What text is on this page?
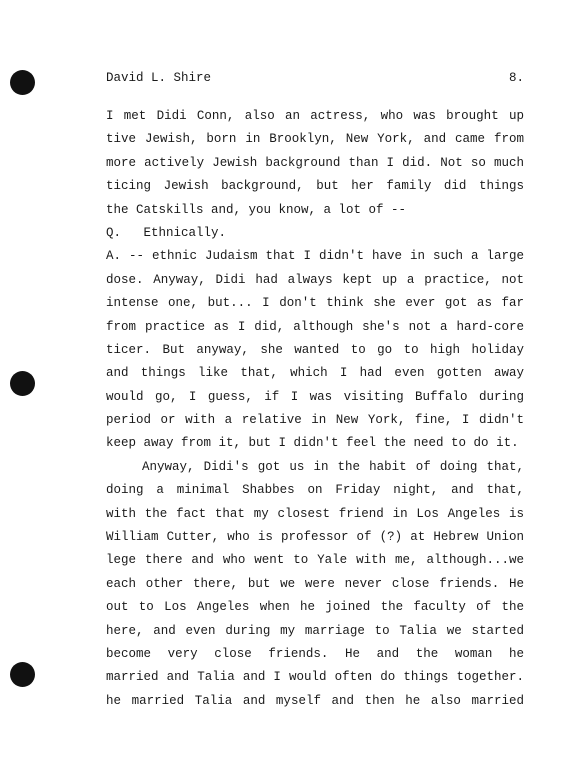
David L. Shire	8.
I met Didi Conn, also an actress, who was brought up
tive Jewish, born in Brooklyn, New York, and came from
more actively Jewish background than I did. Not so much
ticing Jewish background, but her family did things
the Catskills and, you know, a lot of --
Q.   Ethnically.
A. -- ethnic Judaism that I didn't have in such a large
dose. Anyway, Didi had always kept up a practice, not
intense one, but... I don't think she ever got as far
from practice as I did, although she's not a hard-core
ticer. But anyway, she wanted to go to high holiday
and things like that, which I had even gotten away
would go, I guess, if I was visiting Buffalo during
period or with a relative in New York, fine, I didn't
keep away from it, but I didn't feel the need to do it.
Anyway, Didi's got us in the habit of doing that,
doing a minimal Shabbes on Friday night, and that,
with the fact that my closest friend in Los Angeles is
William Cutter, who is professor of (?) at Hebrew Union
lege there and who went to Yale with me, although...we
each other there, but we were never close friends. He
out to Los Angeles when he joined the faculty of the
here, and even during my marriage to Talia we started
become very close friends. He and the woman he
married and Talia and I would often do things together.
he married Talia and myself and then he also married
